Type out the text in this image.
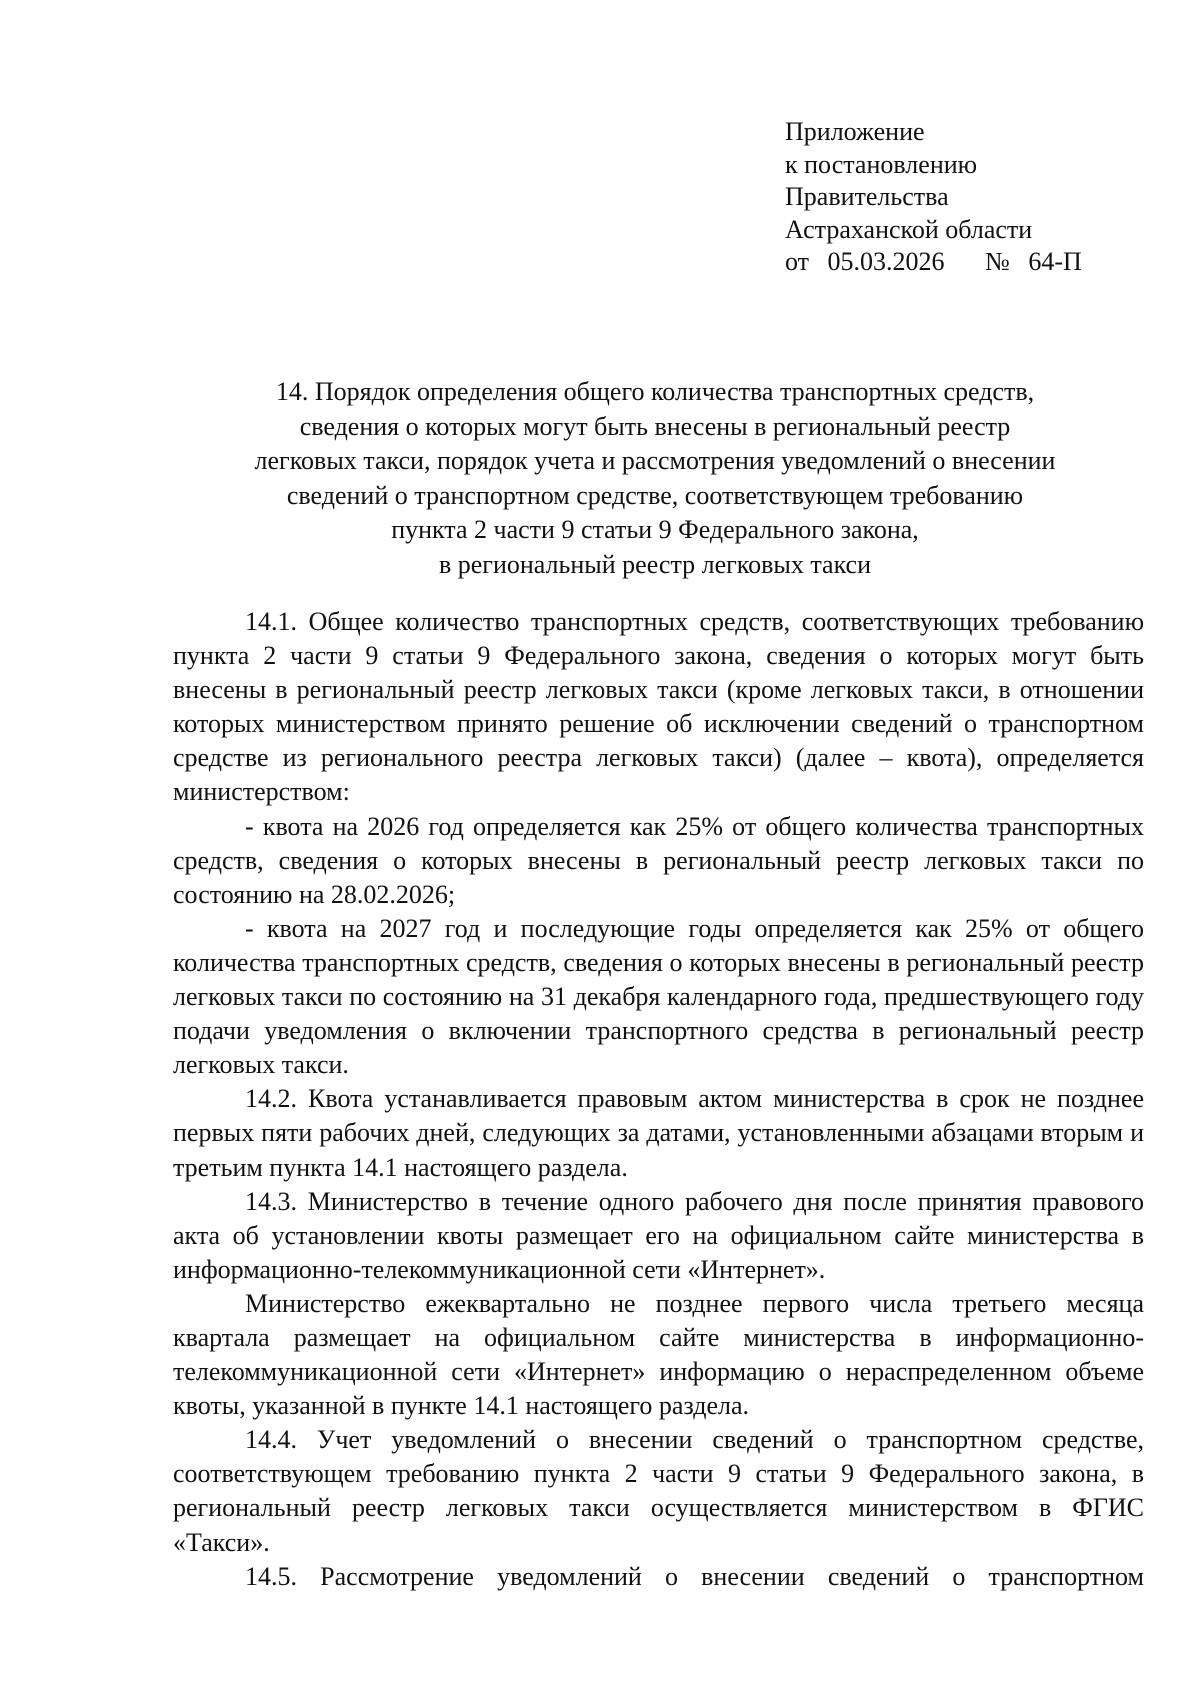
Приложение
к постановлению
Правительства
Астраханской области
от 05.03.2026 № 64-П
14. Порядок определения общего количества транспортных средств,
сведения о которых могут быть внесены в региональный реестр
легковых такси, порядок учета и рассмотрения уведомлений о внесении
сведений о транспортном средстве, соответствующем требованию
пункта 2 части 9 статьи 9 Федерального закона,
в региональный реестр легковых такси

14.1. Общее количество транспортных средств, соответствующих требованию пункта 2 части 9 статьи 9 Федерального закона, сведения о которых могут быть внесены в региональный реестр легковых такси (кроме легковых такси, в отношении которых министерством принято решение об исключении сведений о транспортном средстве из регионального реестра легковых такси) (далее – квота), определяется министерством:

- квота на 2026 год определяется как 25% от общего количества транспортных средств, сведения о которых внесены в региональный реестр легковых такси по состоянию на 28.02.2026;

- квота на 2027 год и последующие годы определяется как 25% от общего количества транспортных средств, сведения о которых внесены в региональный реестр легковых такси по состоянию на 31 декабря календарного года, предшествующего году подачи уведомления о включении транспортного средства в региональный реестр легковых такси.

14.2. Квота устанавливается правовым актом министерства в срок не позднее первых пяти рабочих дней, следующих за датами, установленными абзацами вторым и третьим пункта 14.1 настоящего раздела.

14.3. Министерство в течение одного рабочего дня после принятия правового акта об установлении квоты размещает его на официальном сайте министерства в информационно-телекоммуникационной сети «Интернет».

Министерство ежеквартально не позднее первого числа третьего месяца квартала размещает на официальном сайте министерства в информационно-телекоммуникационной сети «Интернет» информацию о нераспределенном объеме квоты, указанной в пункте 14.1 настоящего раздела.

14.4. Учет уведомлений о внесении сведений о транспортном средстве, соответствующем требованию пункта 2 части 9 статьи 9 Федерального закона, в региональный реестр легковых такси осуществляется министерством в ФГИС «Такси».

14.5. Рассмотрение уведомлений о внесении сведений о транспортном
